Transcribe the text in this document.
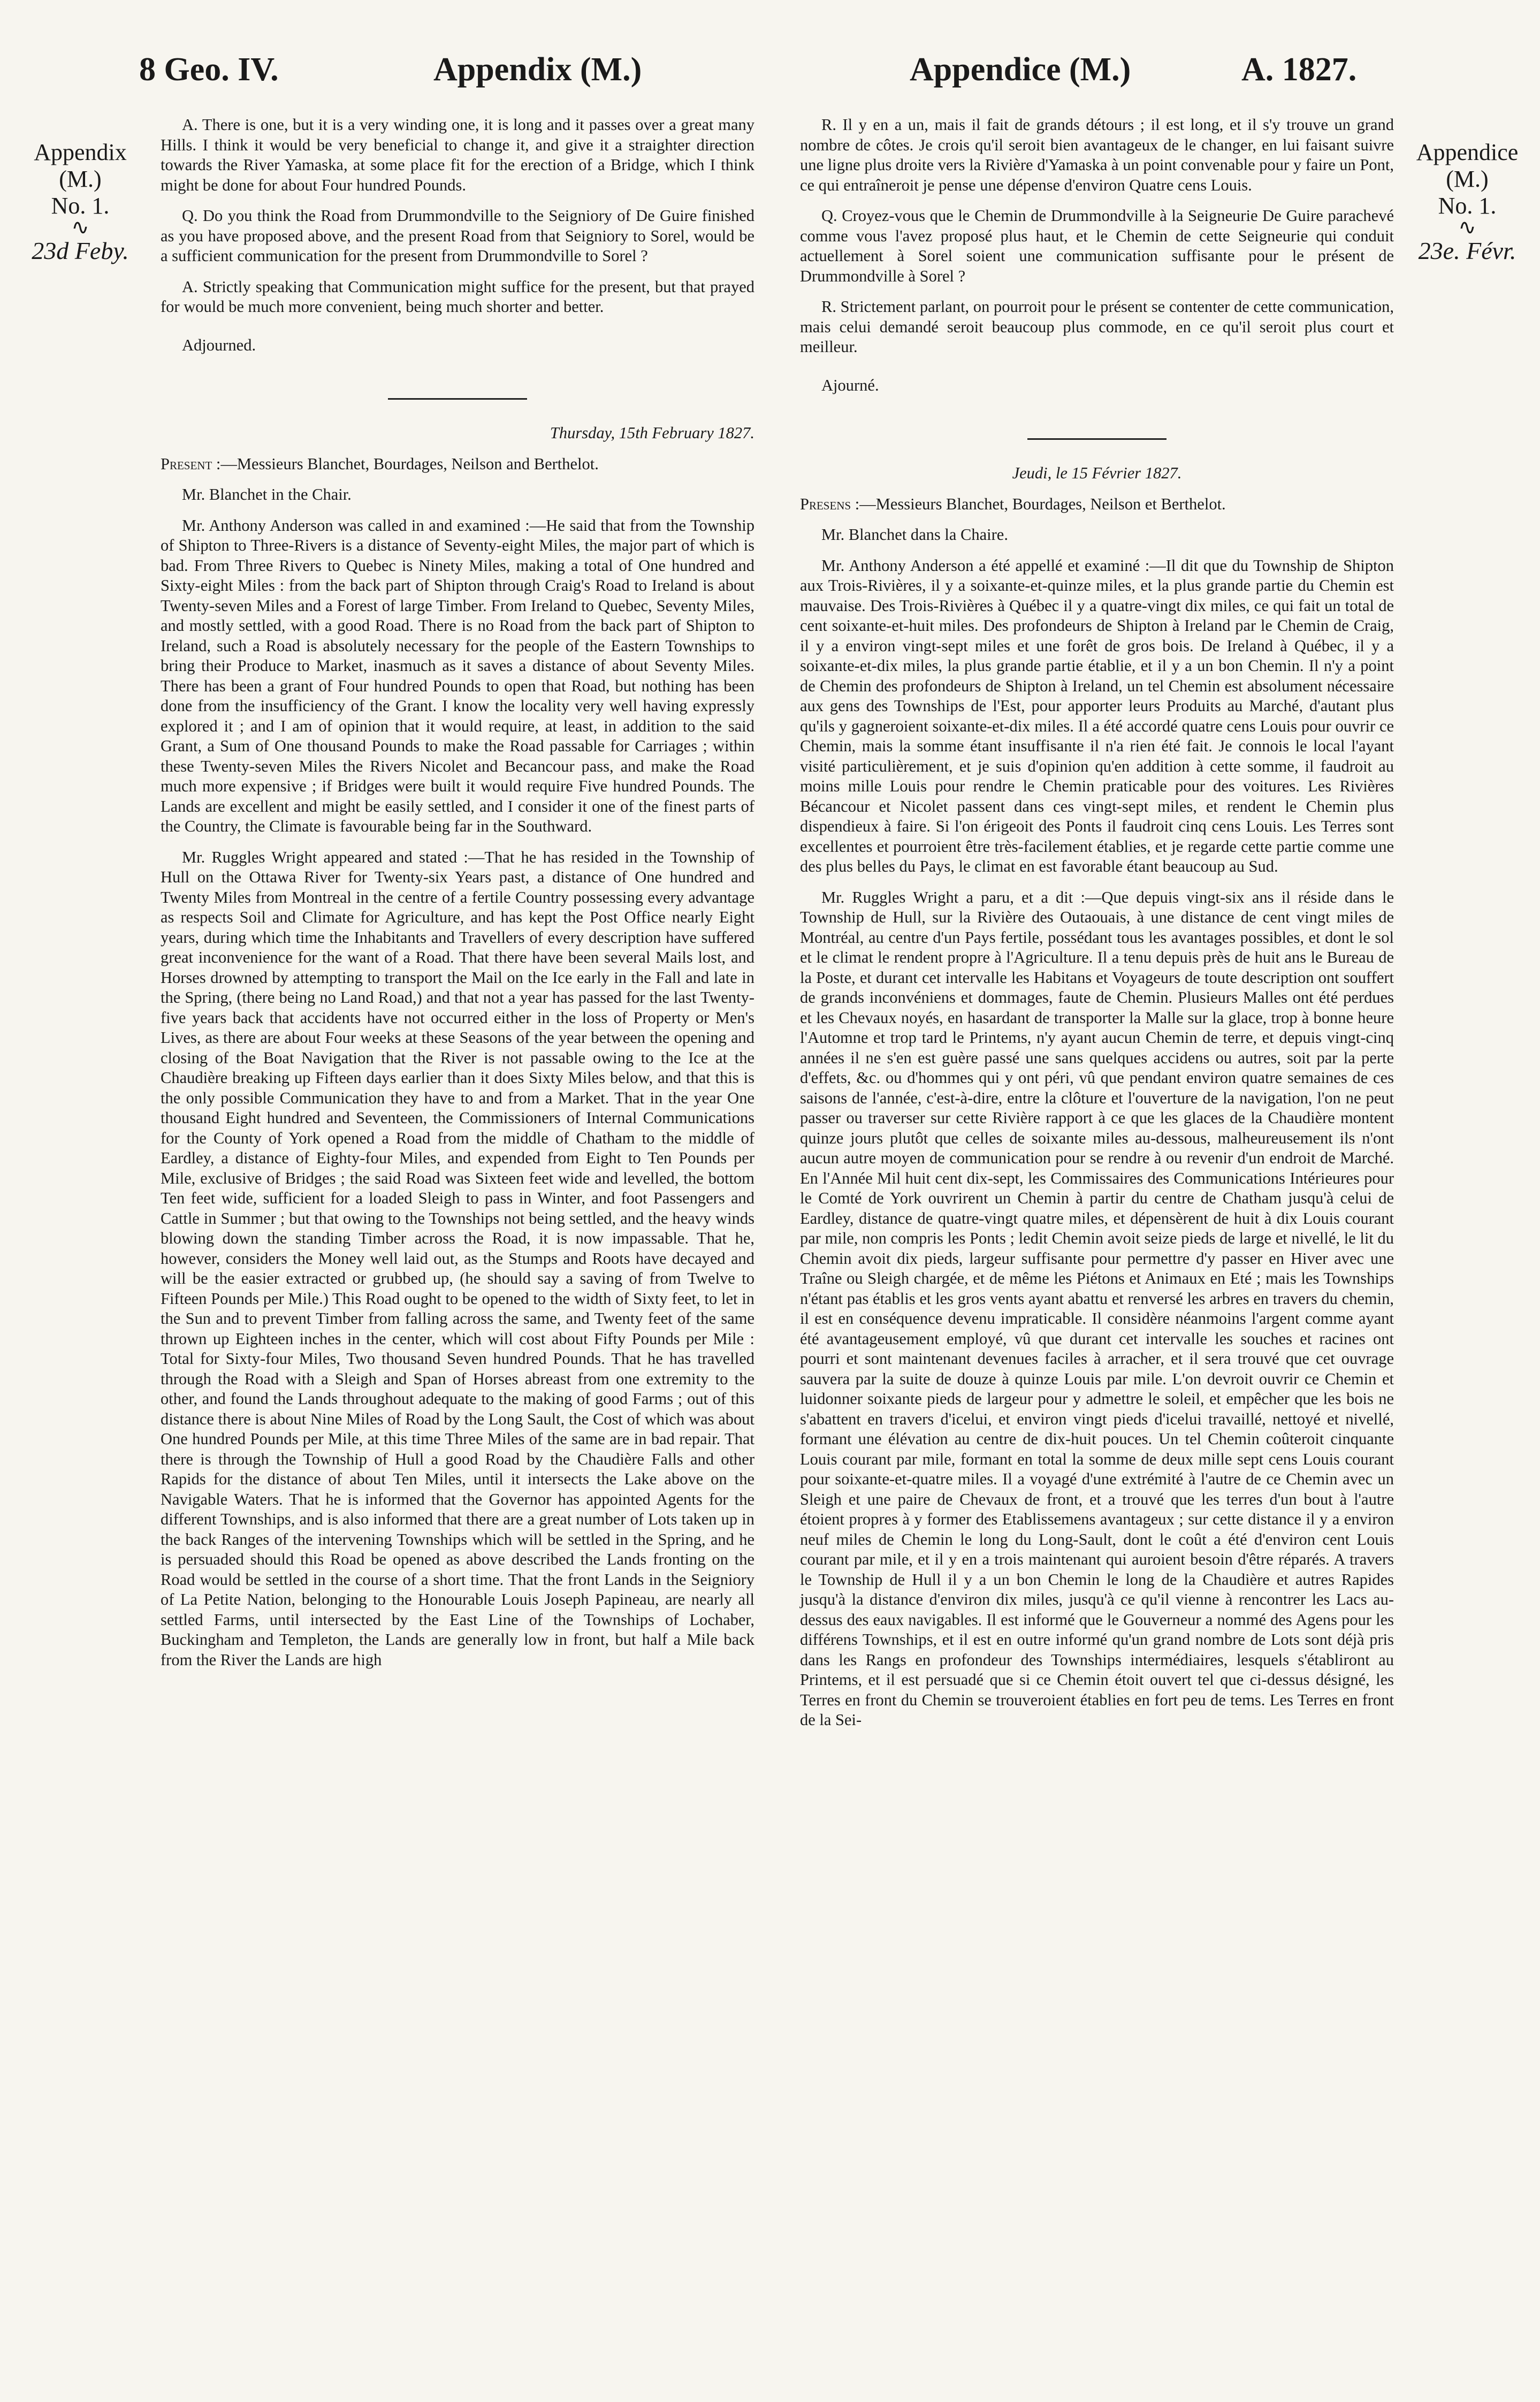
8 Geo. IV.	Appendix (M.)	Appendice (M.)	A. 1827.
Appendix
(M.)
No. 1.
∿
23d Feby.
Appendice
(M.)
No. 1.
∿
23e. Févr.

A. There is one, but it is a very winding one, it is long and it passes over a great many Hills. I think it would be very beneficial to change it, and give it a straighter direction towards the River Yamaska, at some place fit for the erection of a Bridge, which I think might be done for about Four hundred Pounds.

Q. Do you think the Road from Drummondville to the Seigniory of De Guire finished as you have proposed above, and the present Road from that Seigniory to Sorel, would be a sufficient communication for the present from Drummondville to Sorel ?

A. Strictly speaking that Communication might suffice for the present, but that prayed for would be much more convenient, being much shorter and better.

Adjourned.

Thursday, 15th February 1827.

Present :—Messieurs Blanchet, Bourdages, Neilson and Berthelot.

Mr. Blanchet in the Chair.

Mr. Anthony Anderson was called in and examined :—He said that from the Township of Shipton to Three-Rivers is a distance of Seventy-eight Miles, the major part of which is bad. From Three Rivers to Quebec is Ninety Miles, making a total of One hundred and Sixty-eight Miles : from the back part of Shipton through Craig's Road to Ireland is about Twenty-seven Miles and a Forest of large Timber. From Ireland to Quebec, Seventy Miles, and mostly settled, with a good Road. There is no Road from the back part of Shipton to Ireland, such a Road is absolutely necessary for the people of the Eastern Townships to bring their Produce to Market, inasmuch as it saves a distance of about Seventy Miles. There has been a grant of Four hundred Pounds to open that Road, but nothing has been done from the insufficiency of the Grant. I know the locality very well having expressly explored it ; and I am of opinion that it would require, at least, in addition to the said Grant, a Sum of One thousand Pounds to make the Road passable for Carriages ; within these Twenty-seven Miles the Rivers Nicolet and Becancour pass, and make the Road much more expensive ; if Bridges were built it would require Five hundred Pounds. The Lands are excellent and might be easily settled, and I consider it one of the finest parts of the Country, the Climate is favourable being far in the Southward.

Mr. Ruggles Wright appeared and stated :—That he has resided in the Township of Hull on the Ottawa River for Twenty-six Years past, a distance of One hundred and Twenty Miles from Montreal in the centre of a fertile Country possessing every advantage as respects Soil and Climate for Agriculture, and has kept the Post Office nearly Eight years, during which time the Inhabitants and Travellers of every description have suffered great inconvenience for the want of a Road. That there have been several Mails lost, and Horses drowned by attempting to transport the Mail on the Ice early in the Fall and late in the Spring, (there being no Land Road,) and that not a year has passed for the last Twenty-five years back that accidents have not occurred either in the loss of Property or Men's Lives, as there are about Four weeks at these Seasons of the year between the opening and closing of the Boat Navigation that the River is not passable owing to the Ice at the Chaudière breaking up Fifteen days earlier than it does Sixty Miles below, and that this is the only possible Communication they have to and from a Market. That in the year One thousand Eight hundred and Seventeen, the Commissioners of Internal Communications for the County of York opened a Road from the middle of Chatham to the middle of Eardley, a distance of Eighty-four Miles, and expended from Eight to Ten Pounds per Mile, exclusive of Bridges ; the said Road was Sixteen feet wide and levelled, the bottom Ten feet wide, sufficient for a loaded Sleigh to pass in Winter, and foot Passengers and Cattle in Summer ; but that owing to the Townships not being settled, and the heavy winds blowing down the standing Timber across the Road, it is now impassable. That he, however, considers the Money well laid out, as the Stumps and Roots have decayed and will be the easier extracted or grubbed up, (he should say a saving of from Twelve to Fifteen Pounds per Mile.) This Road ought to be opened to the width of Sixty feet, to let in the Sun and to prevent Timber from falling across the same, and Twenty feet of the same thrown up Eighteen inches in the center, which will cost about Fifty Pounds per Mile : Total for Sixty-four Miles, Two thousand Seven hundred Pounds. That he has travelled through the Road with a Sleigh and Span of Horses abreast from one extremity to the other, and found the Lands throughout adequate to the making of good Farms ; out of this distance there is about Nine Miles of Road by the Long Sault, the Cost of which was about One hundred Pounds per Mile, at this time Three Miles of the same are in bad repair. That there is through the Township of Hull a good Road by the Chaudière Falls and other Rapids for the distance of about Ten Miles, until it intersects the Lake above on the Navigable Waters. That he is informed that the Governor has appointed Agents for the different Townships, and is also informed that there are a great number of Lots taken up in the back Ranges of the intervening Townships which will be settled in the Spring, and he is persuaded should this Road be opened as above described the Lands fronting on the Road would be settled in the course of a short time. That the front Lands in the Seigniory of La Petite Nation, belonging to the Honourable Louis Joseph Papineau, are nearly all settled Farms, until intersected by the East Line of the Townships of Lochaber, Buckingham and Templeton, the Lands are generally low in front, but half a Mile back from the River the Lands are high

R. Il y en a un, mais il fait de grands détours ; il est long, et il s'y trouve un grand nombre de côtes. Je crois qu'il seroit bien avantageux de le changer, en lui faisant suivre une ligne plus droite vers la Rivière d'Yamaska à un point convenable pour y faire un Pont, ce qui entraîneroit je pense une dépense d'environ Quatre cens Louis.

Q. Croyez-vous que le Chemin de Drummondville à la Seigneurie De Guire parachevé comme vous l'avez proposé plus haut, et le Chemin de cette Seigneurie qui conduit actuellement à Sorel soient une communication suffisante pour le présent de Drummondville à Sorel ?

R. Strictement parlant, on pourroit pour le présent se contenter de cette communication, mais celui demandé seroit beaucoup plus commode, en ce qu'il seroit plus court et meilleur.

Ajourné.

Jeudi, le 15 Février 1827.

Presens :—Messieurs Blanchet, Bourdages, Neilson et Berthelot.

Mr. Blanchet dans la Chaire.

Mr. Anthony Anderson a été appellé et examiné :—Il dit que du Township de Shipton aux Trois-Rivières, il y a soixante-et-quinze miles, et la plus grande partie du Chemin est mauvaise. Des Trois-Rivières à Québec il y a quatre-vingt dix miles, ce qui fait un total de cent soixante-et-huit miles. Des profondeurs de Shipton à Ireland par le Chemin de Craig, il y a environ vingt-sept miles et une forêt de gros bois. De Ireland à Québec, il y a soixante-et-dix miles, la plus grande partie établie, et il y a un bon Chemin. Il n'y a point de Chemin des profondeurs de Shipton à Ireland, un tel Chemin est absolument nécessaire aux gens des Townships de l'Est, pour apporter leurs Produits au Marché, d'autant plus qu'ils y gagneroient soixante-et-dix miles. Il a été accordé quatre cens Louis pour ouvrir ce Chemin, mais la somme étant insuffisante il n'a rien été fait. Je connois le local l'ayant visité particulièrement, et je suis d'opinion qu'en addition à cette somme, il faudroit au moins mille Louis pour rendre le Chemin praticable pour des voitures. Les Rivières Bécancour et Nicolet passent dans ces vingt-sept miles, et rendent le Chemin plus dispendieux à faire. Si l'on érigeoit des Ponts il faudroit cinq cens Louis. Les Terres sont excellentes et pourroient être très-facilement établies, et je regarde cette partie comme une des plus belles du Pays, le climat en est favorable étant beaucoup au Sud.

Mr. Ruggles Wright a paru, et a dit :—Que depuis vingt-six ans il réside dans le Township de Hull, sur la Rivière des Outaouais, à une distance de cent vingt miles de Montréal, au centre d'un Pays fertile, possédant tous les avantages possibles, et dont le sol et le climat le rendent propre à l'Agriculture. Il a tenu depuis près de huit ans le Bureau de la Poste, et durant cet intervalle les Habitans et Voyageurs de toute description ont souffert de grands inconvéniens et dommages, faute de Chemin. Plusieurs Malles ont été perdues et les Chevaux noyés, en hasardant de transporter la Malle sur la glace, trop à bonne heure l'Automne et trop tard le Printems, n'y ayant aucun Chemin de terre, et depuis vingt-cinq années il ne s'en est guère passé une sans quelques accidens ou autres, soit par la perte d'effets, &c. ou d'hommes qui y ont péri, vû que pendant environ quatre semaines de ces saisons de l'année, c'est-à-dire, entre la clôture et l'ouverture de la navigation, l'on ne peut passer ou traverser sur cette Rivière rapport à ce que les glaces de la Chaudière montent quinze jours plutôt que celles de soixante miles au-dessous, malheureusement ils n'ont aucun autre moyen de communication pour se rendre à ou revenir d'un endroit de Marché. En l'Année Mil huit cent dix-sept, les Commissaires des Communications Intérieures pour le Comté de York ouvrirent un Chemin à partir du centre de Chatham jusqu'à celui de Eardley, distance de quatre-vingt quatre miles, et dépensèrent de huit à dix Louis courant par mile, non compris les Ponts ; ledit Chemin avoit seize pieds de large et nivellé, le lit du Chemin avoit dix pieds, largeur suffisante pour permettre d'y passer en Hiver avec une Traîne ou Sleigh chargée, et de même les Piétons et Animaux en Eté ; mais les Townships n'étant pas établis et les gros vents ayant abattu et renversé les arbres en travers du chemin, il est en conséquence devenu impraticable. Il considère néanmoins l'argent comme ayant été avantageusement employé, vû que durant cet intervalle les souches et racines ont pourri et sont maintenant devenues faciles à arracher, et il sera trouvé que cet ouvrage sauvera par la suite de douze à quinze Louis par mile. L'on devroit ouvrir ce Chemin et luidonner soixante pieds de largeur pour y admettre le soleil, et empêcher que les bois ne s'abattent en travers d'icelui, et environ vingt pieds d'icelui travaillé, nettoyé et nivellé, formant une élévation au centre de dix-huit pouces. Un tel Chemin coûteroit cinquante Louis courant par mile, formant en total la somme de deux mille sept cens Louis courant pour soixante-et-quatre miles. Il a voyagé d'une extrémité à l'autre de ce Chemin avec un Sleigh et une paire de Chevaux de front, et a trouvé que les terres d'un bout à l'autre étoient propres à y former des Etablissemens avantageux ; sur cette distance il y a environ neuf miles de Chemin le long du Long-Sault, dont le coût a été d'environ cent Louis courant par mile, et il y en a trois maintenant qui auroient besoin d'être réparés. A travers le Township de Hull il y a un bon Chemin le long de la Chaudière et autres Rapides jusqu'à la distance d'environ dix miles, jusqu'à ce qu'il vienne à rencontrer les Lacs au-dessus des eaux navigables. Il est informé que le Gouverneur a nommé des Agens pour les différens Townships, et il est en outre informé qu'un grand nombre de Lots sont déjà pris dans les Rangs en profondeur des Townships intermédiaires, lesquels s'établiront au Printems, et il est persuadé que si ce Chemin étoit ouvert tel que ci-dessus désigné, les Terres en front du Chemin se trouveroient établies en fort peu de tems. Les Terres en front de la Sei-
